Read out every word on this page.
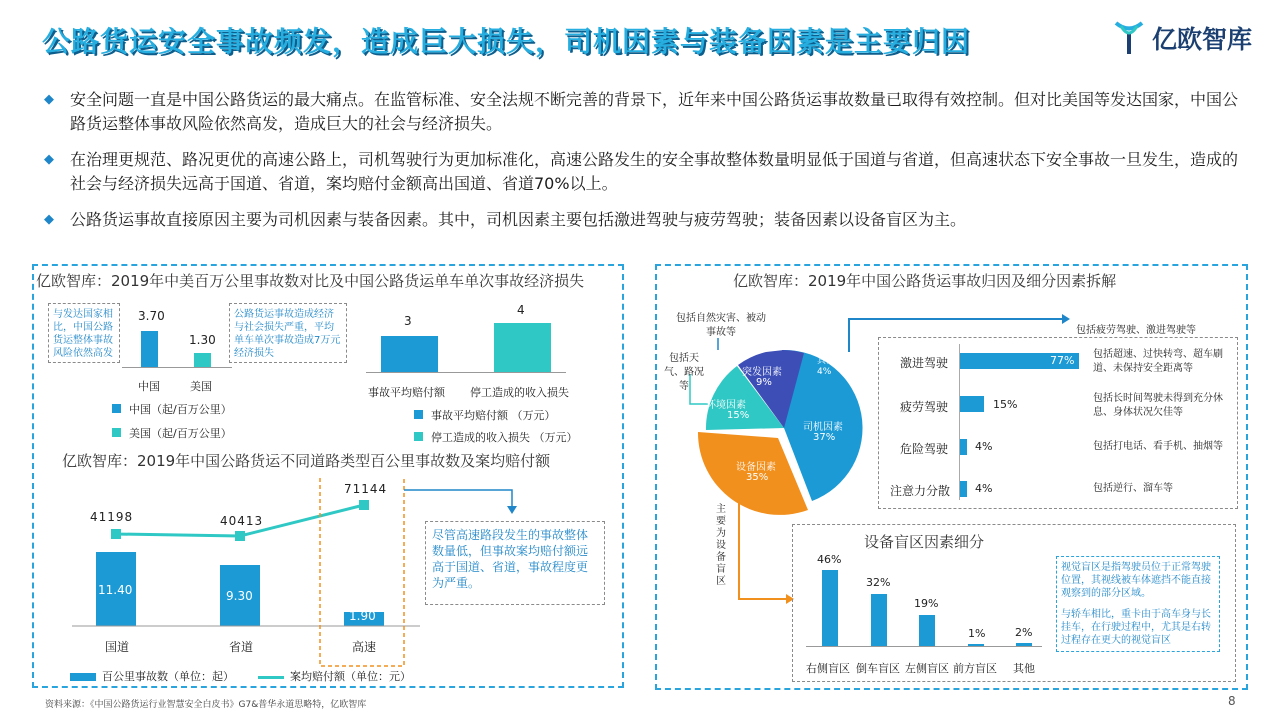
公路货运安全事故频发，造成巨大损失，司机因素与装备因素是主要归因	亿欧智库
◆	安全问题一直是中国公路货运的最大痛点。在监管标准、安全法规不断完善的背景下，近年来中国公路货运事故数量已取得有效控制。但对比美国等发达国家，中国公路货运整体事故风险依然高发，造成巨大的社会与经济损失。
◆	在治理更规范、路况更优的高速公路上，司机驾驶行为更加标准化，高速公路发生的安全事故整体数量明显低于国道与省道，但高速状态下安全事故一旦发生，造成的社会与经济损失远高于国道、省道，案均赔付金额高出国道、省道70%以上。
◆	公路货运事故直接原因主要为司机因素与装备因素。其中，司机因素主要包括激进驾驶与疲劳驾驶；装备因素以设备盲区为主。
亿欧智库：2019年中美百万公里事故数对比及中国公路货运单车单次事故经济损失
与发达国家相比，中国公路货运整体事故风险依然高发
公路货运事故造成经济与社会损失严重，平均单车单次事故造成7万元经济损失
3.70
1.30
中国	美国
中国（起/百万公里）
美国（起/百万公里）
3
4
事故平均赔付额 停工造成的收入损失
事故平均赔付额 （万元）
停工造成的收入损失 （万元）
亿欧智库：2019年中国公路货运不同道路类型百公里事故数及案均赔付额
41198	40413
71144
11.40	9.30
1.90
国道	省道	高速
尽管高速路段发生的事故整体数量低，但事故案均赔付额远高于国道、省道，事故程度更为严重。
百公里事故数（单位：起）	案均赔付额（单位：元）
亿欧智库：2019年中国公路货运事故归因及细分因素拆解
其他
4%
突发因素
9%
环境因素
15%
司机因素
37%
设备因素
35%
包括自然灾害、被动事故等
包括天气、路况等
包括疲劳驾驶、激进驾驶等
激进驾驶
疲劳驾驶
危险驾驶
注意力分散
77%
15%
4%
4%
包括超速、过快转弯、超车刷道、未保持安全距离等
包括长时间驾驶未得到充分休息、身体状况欠佳等
包括打电话、看手机、抽烟等
包括逆行、溜车等
主要为设备盲区
设备盲区因素细分
46%
32%
19%
1%	2%
右侧盲区 倒车盲区 左侧盲区 前方盲区 其他
视觉盲区是指驾驶员位于正常驾驶位置，其视线被车体遮挡不能直接观察到的部分区域。
与轿车相比，重卡由于高车身与长挂车，在行驶过程中，尤其是右转过程存在更大的视觉盲区
资料来源：《中国公路货运行业智慧安全白皮书》G7&普华永道思略特，亿欧智库	8
